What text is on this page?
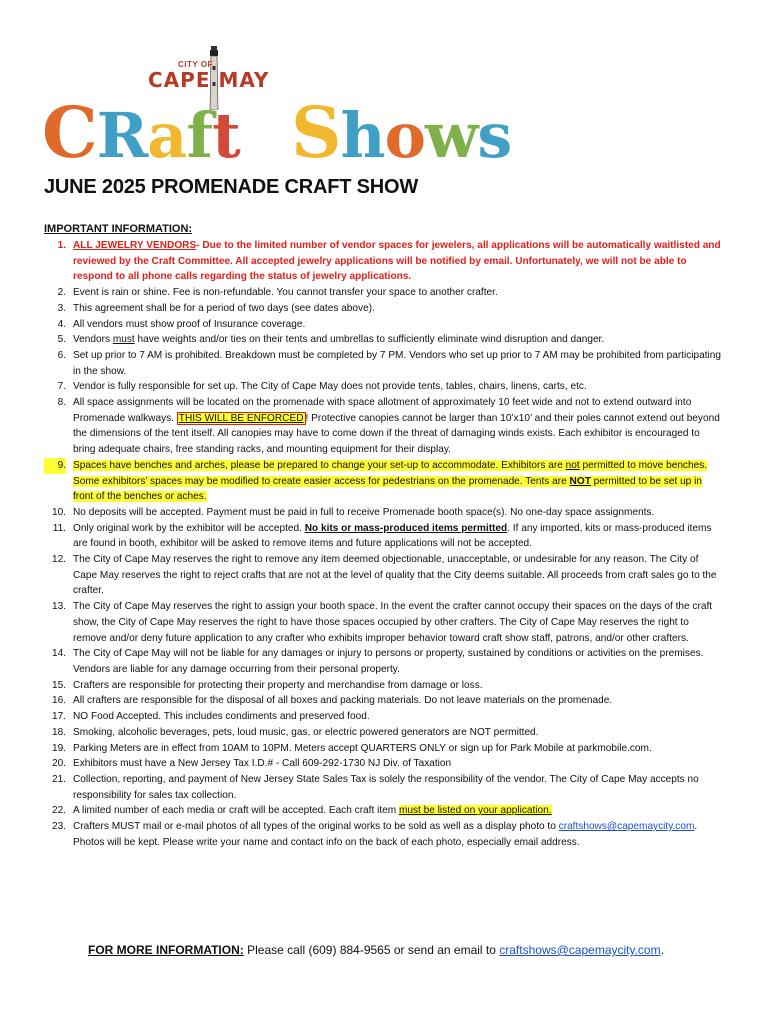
CITY OF
CAPE MAY
CRaft Shows
JUNE 2025 PROMENADE CRAFT SHOW
IMPORTANT INFORMATION:
1. ALL JEWELRY VENDORS- Due to the limited number of vendor spaces for jewelers, all applications will be automatically waitlisted and reviewed by the Craft Committee. All accepted jewelry applications will be notified by email. Unfortunately, we will not be able to respond to all phone calls regarding the status of jewelry applications.
2. Event is rain or shine. Fee is non-refundable. You cannot transfer your space to another crafter.
3. This agreement shall be for a period of two days (see dates above).
4. All vendors must show proof of Insurance coverage.
5. Vendors must have weights and/or ties on their tents and umbrellas to sufficiently eliminate wind disruption and danger.
6. Set up prior to 7 AM is prohibited. Breakdown must be completed by 7 PM. Vendors who set up prior to 7 AM may be prohibited from participating in the show.
7. Vendor is fully responsible for set up. The City of Cape May does not provide tents, tables, chairs, linens, carts, etc.
8. All space assignments will be located on the promenade with space allotment of approximately 10 feet wide and not to extend outward into Promenade walkways. THIS WILL BE ENFORCED ! Protective canopies cannot be larger than 10’x10’ and their poles cannot extend out beyond the dimensions of the tent itself. All canopies may have to come down if the threat of damaging winds exists. Each exhibitor is encouraged to bring adequate chairs, free standing racks, and mounting equipment for their display.
9. Spaces have benches and arches, please be prepared to change your set-up to accommodate. Exhibitors are not permitted to move benches. Some exhibitors’ spaces may be modified to create easier access for pedestrians on the promenade. Tents are NOT permitted to be set up in front of the benches or aches.
10. No deposits will be accepted. Payment must be paid in full to receive Promenade booth space(s). No one-day space assignments.
11. Only original work by the exhibitor will be accepted. No kits or mass-produced items permitted. If any imported, kits or mass-produced items are found in booth, exhibitor will be asked to remove items and future applications will not be accepted.
12. The City of Cape May reserves the right to remove any item deemed objectionable, unacceptable, or undesirable for any reason. The City of Cape May reserves the right to reject crafts that are not at the level of quality that the City deems suitable. All proceeds from craft sales go to the crafter.
13. The City of Cape May reserves the right to assign your booth space. In the event the crafter cannot occupy their spaces on the days of the craft show, the City of Cape May reserves the right to have those spaces occupied by other crafters. The City of Cape May reserves the right to remove and/or deny future application to any crafter who exhibits improper behavior toward craft show staff, patrons, and/or other crafters.
14. The City of Cape May will not be liable for any damages or injury to persons or property, sustained by conditions or activities on the premises. Vendors are liable for any damage occurring from their personal property.
15. Crafters are responsible for protecting their property and merchandise from damage or loss.
16. All crafters are responsible for the disposal of all boxes and packing materials. Do not leave materials on the promenade.
17. NO Food Accepted. This includes condiments and preserved food.
18. Smoking, alcoholic beverages, pets, loud music, gas, or electric powered generators are NOT permitted.
19. Parking Meters are in effect from 10AM to 10PM. Meters accept QUARTERS ONLY or sign up for Park Mobile at parkmobile.com.
20. Exhibitors must have a New Jersey Tax I.D.# - Call 609-292-1730 NJ Div. of Taxation
21. Collection, reporting, and payment of New Jersey State Sales Tax is solely the responsibility of the vendor. The City of Cape May accepts no responsibility for sales tax collection.
22. A limited number of each media or craft will be accepted. Each craft item must be listed on your application.
23. Crafters MUST mail or e-mail photos of all types of the original works to be sold as well as a display photo to craftshows@capemaycity.com. Photos will be kept. Please write your name and contact info on the back of each photo, especially email address.
FOR MORE INFORMATION: Please call (609) 884-9565 or send an email to craftshows@capemaycity.com.
